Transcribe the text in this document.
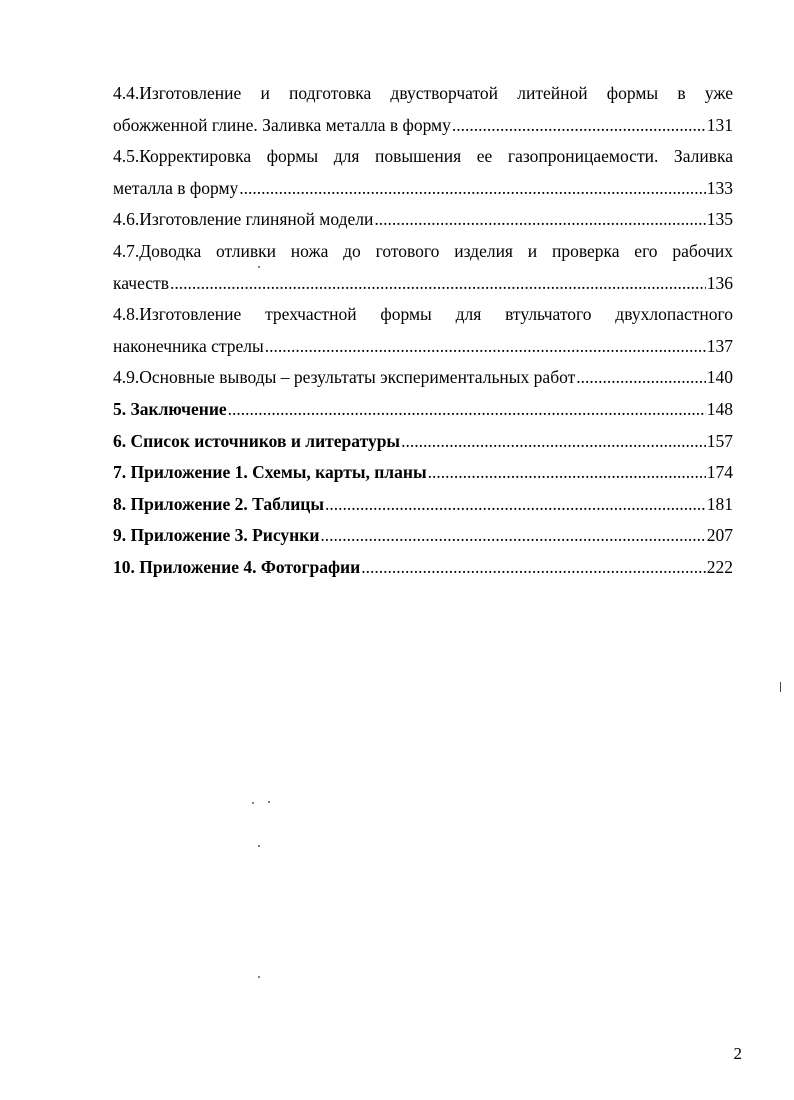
4.4.Изготовление и подготовка двустворчатой литейной формы в уже
обожженной глине. Заливка металла в форму .....	131
4.5.Корректировка формы для повышения ее газопроницаемости. Заливка
металла в форму .....	133
4.6.Изготовление глиняной модели .....	135
4.7.Доводка отливки ножа до готового изделия и проверка его рабочих
качеств .....	136
4.8.Изготовление трехчастной формы для втульчатого двухлопастного
наконечника стрелы .....	137
4.9.Основные выводы – результаты экспериментальных работ .....	140
5. Заключение .....	148
6. Список источников и литературы .....	157
7. Приложение 1. Схемы, карты, планы .....	174
8. Приложение 2. Таблицы .....	181
9. Приложение 3. Рисунки .....	207
10. Приложение 4. Фотографии .....	222
2
